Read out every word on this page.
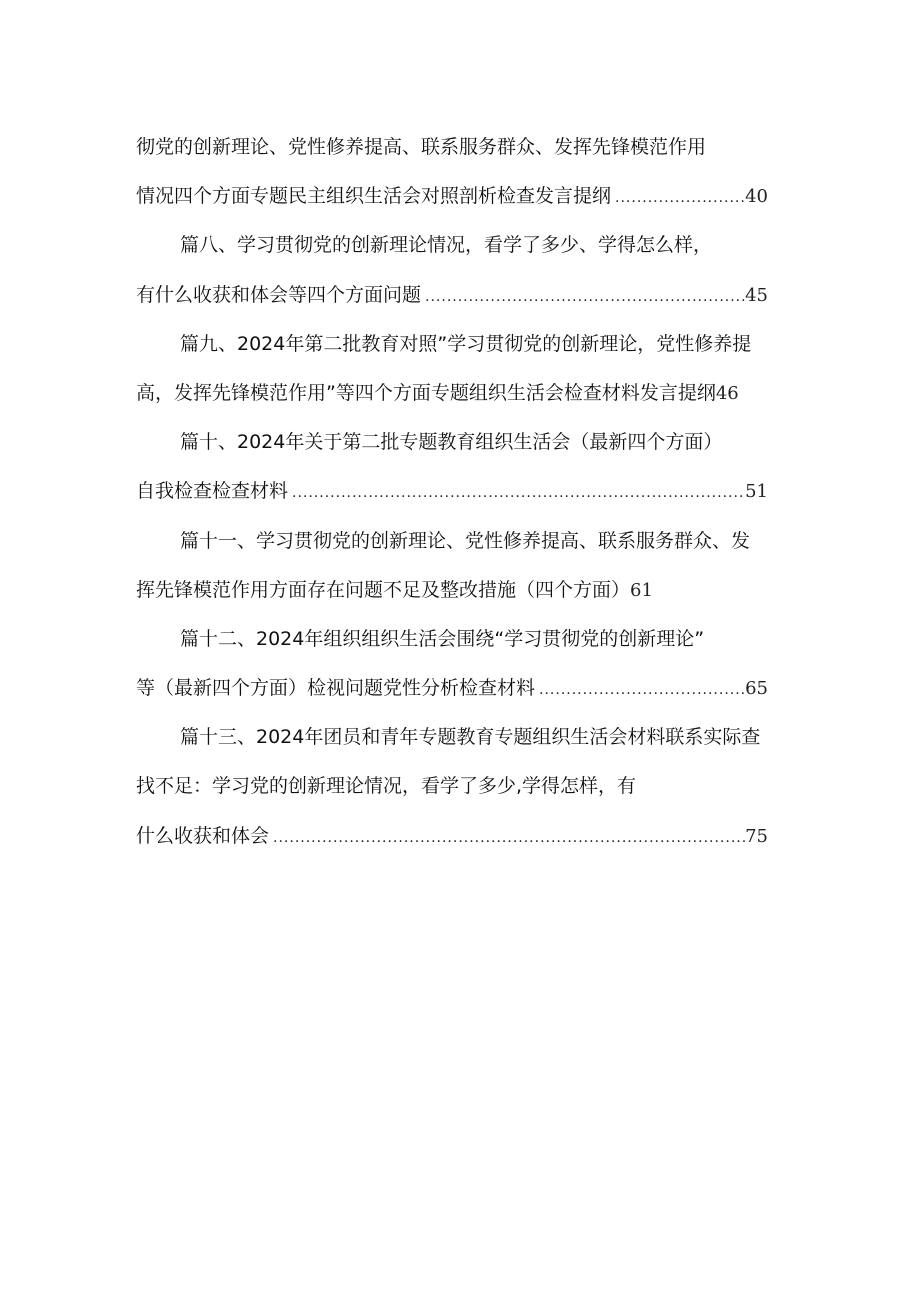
彻党的创新理论、党性修养提高、联系服务群众、发挥先锋模范作用
情况四个方面专题民主组织生活会对照剖析检查发言提纲 .....	40
篇八、学习贯彻党的创新理论情况，看学了多少、学得怎么样，
有什么收获和体会等四个方面问题 .....	45
篇九、2024年第二批教育对照”学习贯彻党的创新理论，党性修养提
高，发挥先锋模范作用”等四个方面专题组织生活会检查材料发言提纲46
篇十、2024年关于第二批专题教育组织生活会（最新四个方面）
自我检查检查材料 .....	51
篇十一、学习贯彻党的创新理论、党性修养提高、联系服务群众、发
挥先锋模范作用方面存在问题不足及整改措施（四个方面）61
篇十二、2024年组织组织生活会围绕“学习贯彻党的创新理论”
等（最新四个方面）检视问题党性分析检查材料 .....	65
篇十三、2024年团员和青年专题教育专题组织生活会材料联系实际查
找不足：学习党的创新理论情况，看学了多少,学得怎样，有
什么收获和体会 .....	75
